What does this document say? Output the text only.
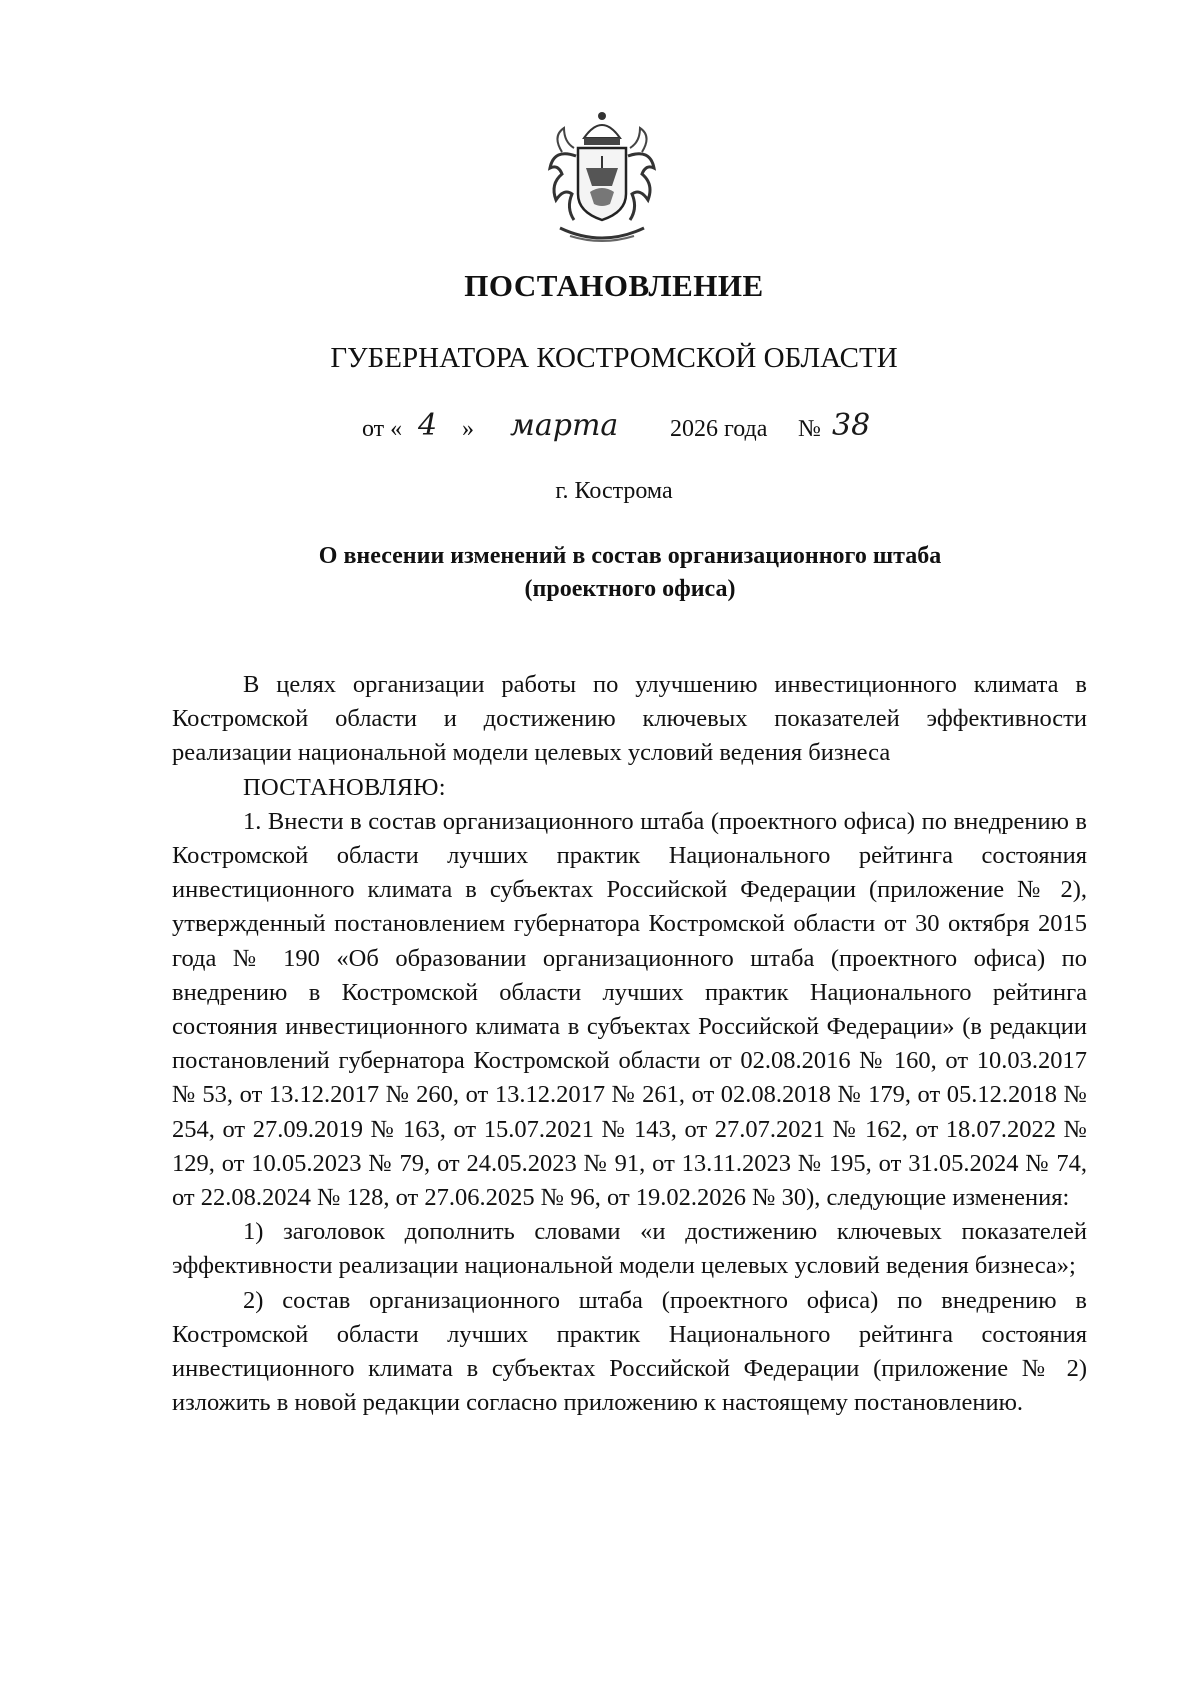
ПОСТАНОВЛЕНИЕ
ГУБЕРНАТОРА КОСТРОМСКОЙ ОБЛАСТИ
от « 4 » марта 2026 года № 38
г. Кострома
О внесении изменений в состав организационного штаба
(проектного офиса)

В целях организации работы по улучшению инвестиционного климата в Костромской области и достижению ключевых показателей эффективности реализации национальной модели целевых условий ведения бизнеса

ПОСТАНОВЛЯЮ:

1. Внести в состав организационного штаба (проектного офиса) по внедрению в Костромской области лучших практик Национального рейтинга состояния инвестиционного климата в субъектах Российской Федерации (приложение № 2), утвержденный постановлением губернатора Костромской области от 30 октября 2015 года № 190 «Об образовании организационного штаба (проектного офиса) по внедрению в Костромской области лучших практик Национального рейтинга состояния инвестиционного климата в субъектах Российской Федерации» (в редакции постановлений губернатора Костромской области от 02.08.2016 № 160, от 10.03.2017 № 53, от 13.12.2017 № 260, от 13.12.2017 № 261, от 02.08.2018 № 179, от 05.12.2018 № 254, от 27.09.2019 № 163, от 15.07.2021 № 143, от 27.07.2021 № 162, от 18.07.2022 № 129, от 10.05.2023 № 79, от 24.05.2023 № 91, от 13.11.2023 № 195, от 31.05.2024 № 74, от 22.08.2024 № 128, от 27.06.2025 № 96, от 19.02.2026 № 30), следующие изменения:

1) заголовок дополнить словами «и достижению ключевых показателей эффективности реализации национальной модели целевых условий ведения бизнеса»;

2) состав организационного штаба (проектного офиса) по внедрению в Костромской области лучших практик Национального рейтинга состояния инвестиционного климата в субъектах Российской Федерации (приложение № 2) изложить в новой редакции согласно приложению к настоящему постановлению.
